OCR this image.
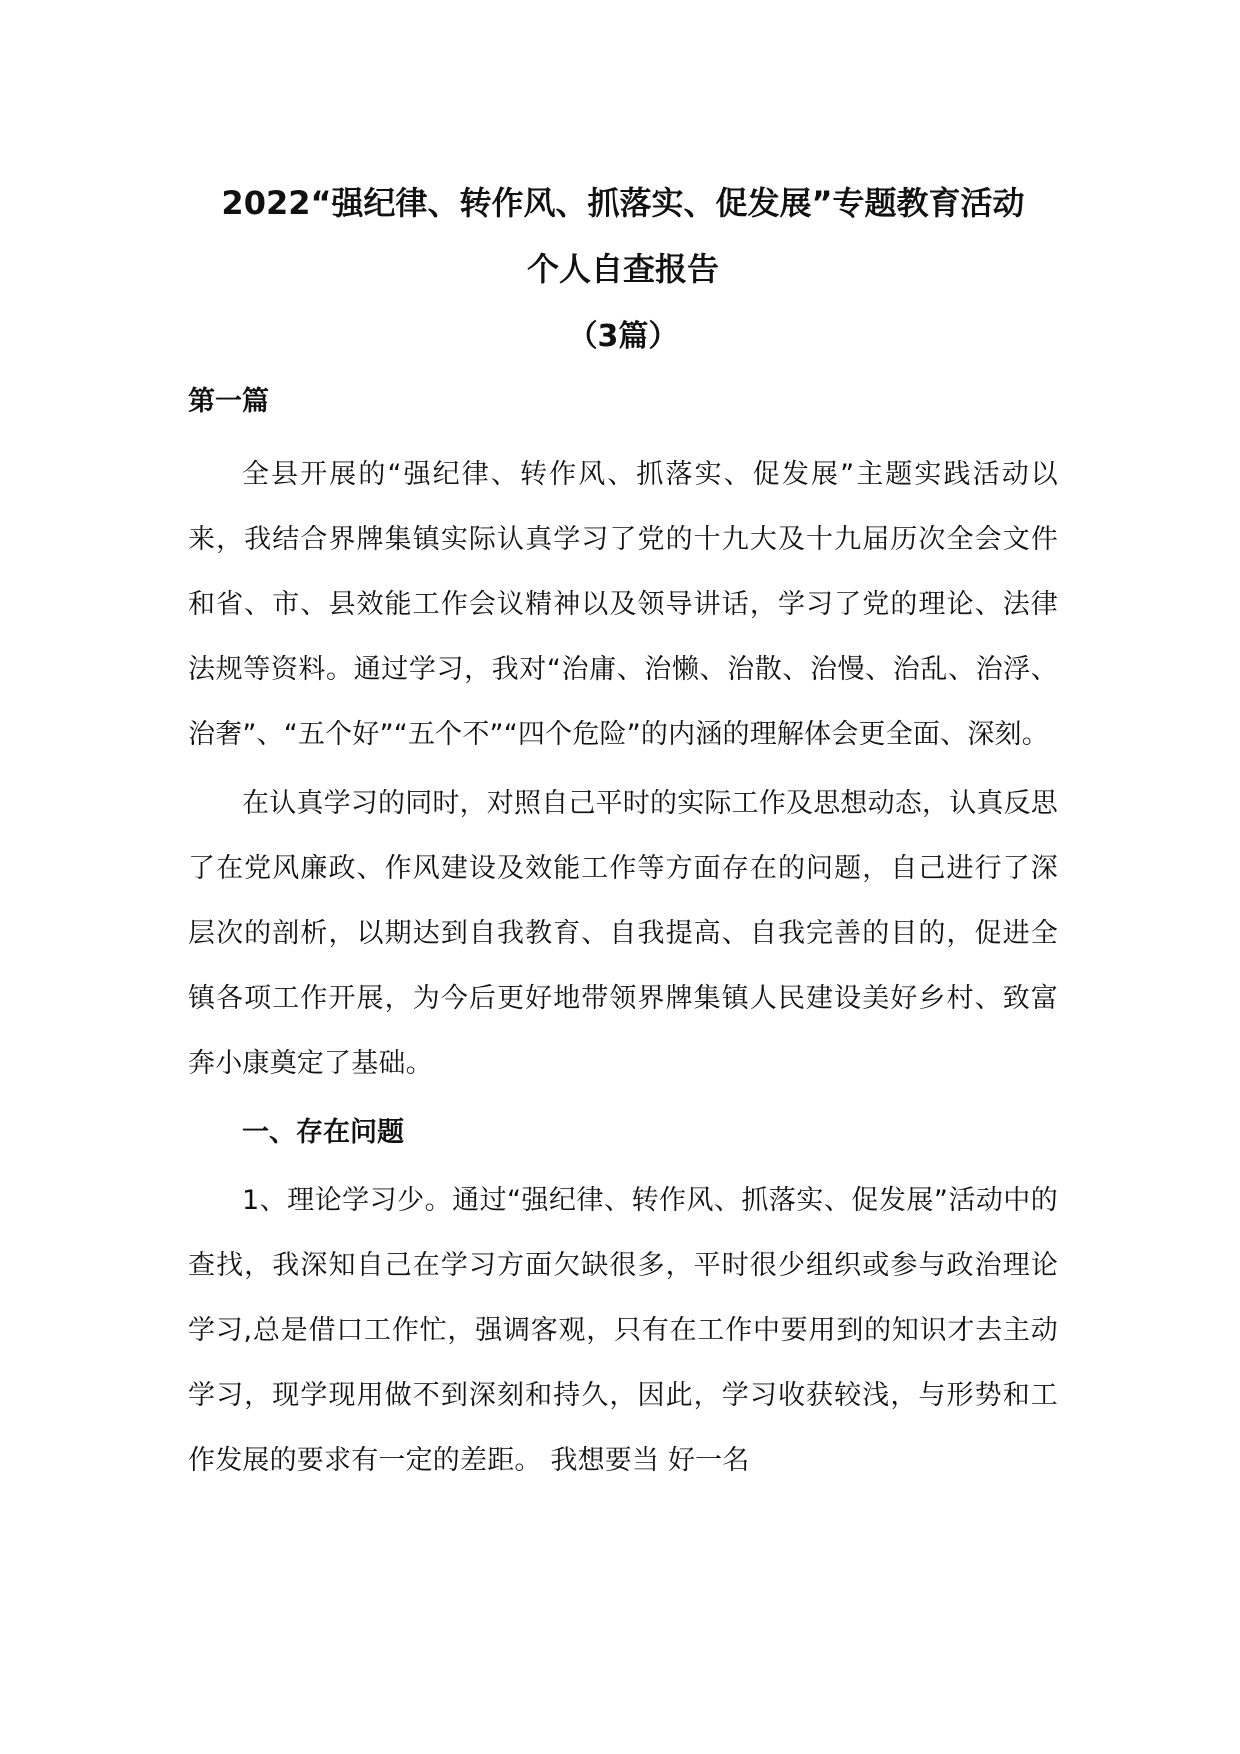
2022“强纪律、转作风、抓落实、促发展”专题教育活动
个人自查报告
（3篇）
第一篇

全县开展的“强纪律、转作风、抓落实、促发展”主题实践活动以来，我结合界牌集镇实际认真学习了党的十九大及十九届历次全会文件和省、市、县效能工作会议精神以及领导讲话，学习了党的理论、法律法规等资料。通过学习，我对“治庸、治懒、治散、治慢、治乱、治浮、治奢”、“五个好”“五个不”“四个危险”的内涵的理解体会更全面、深刻。

在认真学习的同时，对照自己平时的实际工作及思想动态，认真反思了在党风廉政、作风建设及效能工作等方面存在的问题，自己进行了深层次的剖析，以期达到自我教育、自我提高、自我完善的目的，促进全镇各项工作开展，为今后更好地带领界牌集镇人民建设美好乡村、致富奔小康奠定了基础。

一、存在问题

1、理论学习少。通过“强纪律、转作风、抓落实、促发展”活动中的查找，我深知自己在学习方面欠缺很多，平时很少组织或参与政治理论学习,总是借口工作忙，强调客观，只有在工作中要用到的知识才去主动学习，现学现用做不到深刻和持久，因此，学习收获较浅，与形势和工作发展的要求有一定的差距。 我想要当 好一名
